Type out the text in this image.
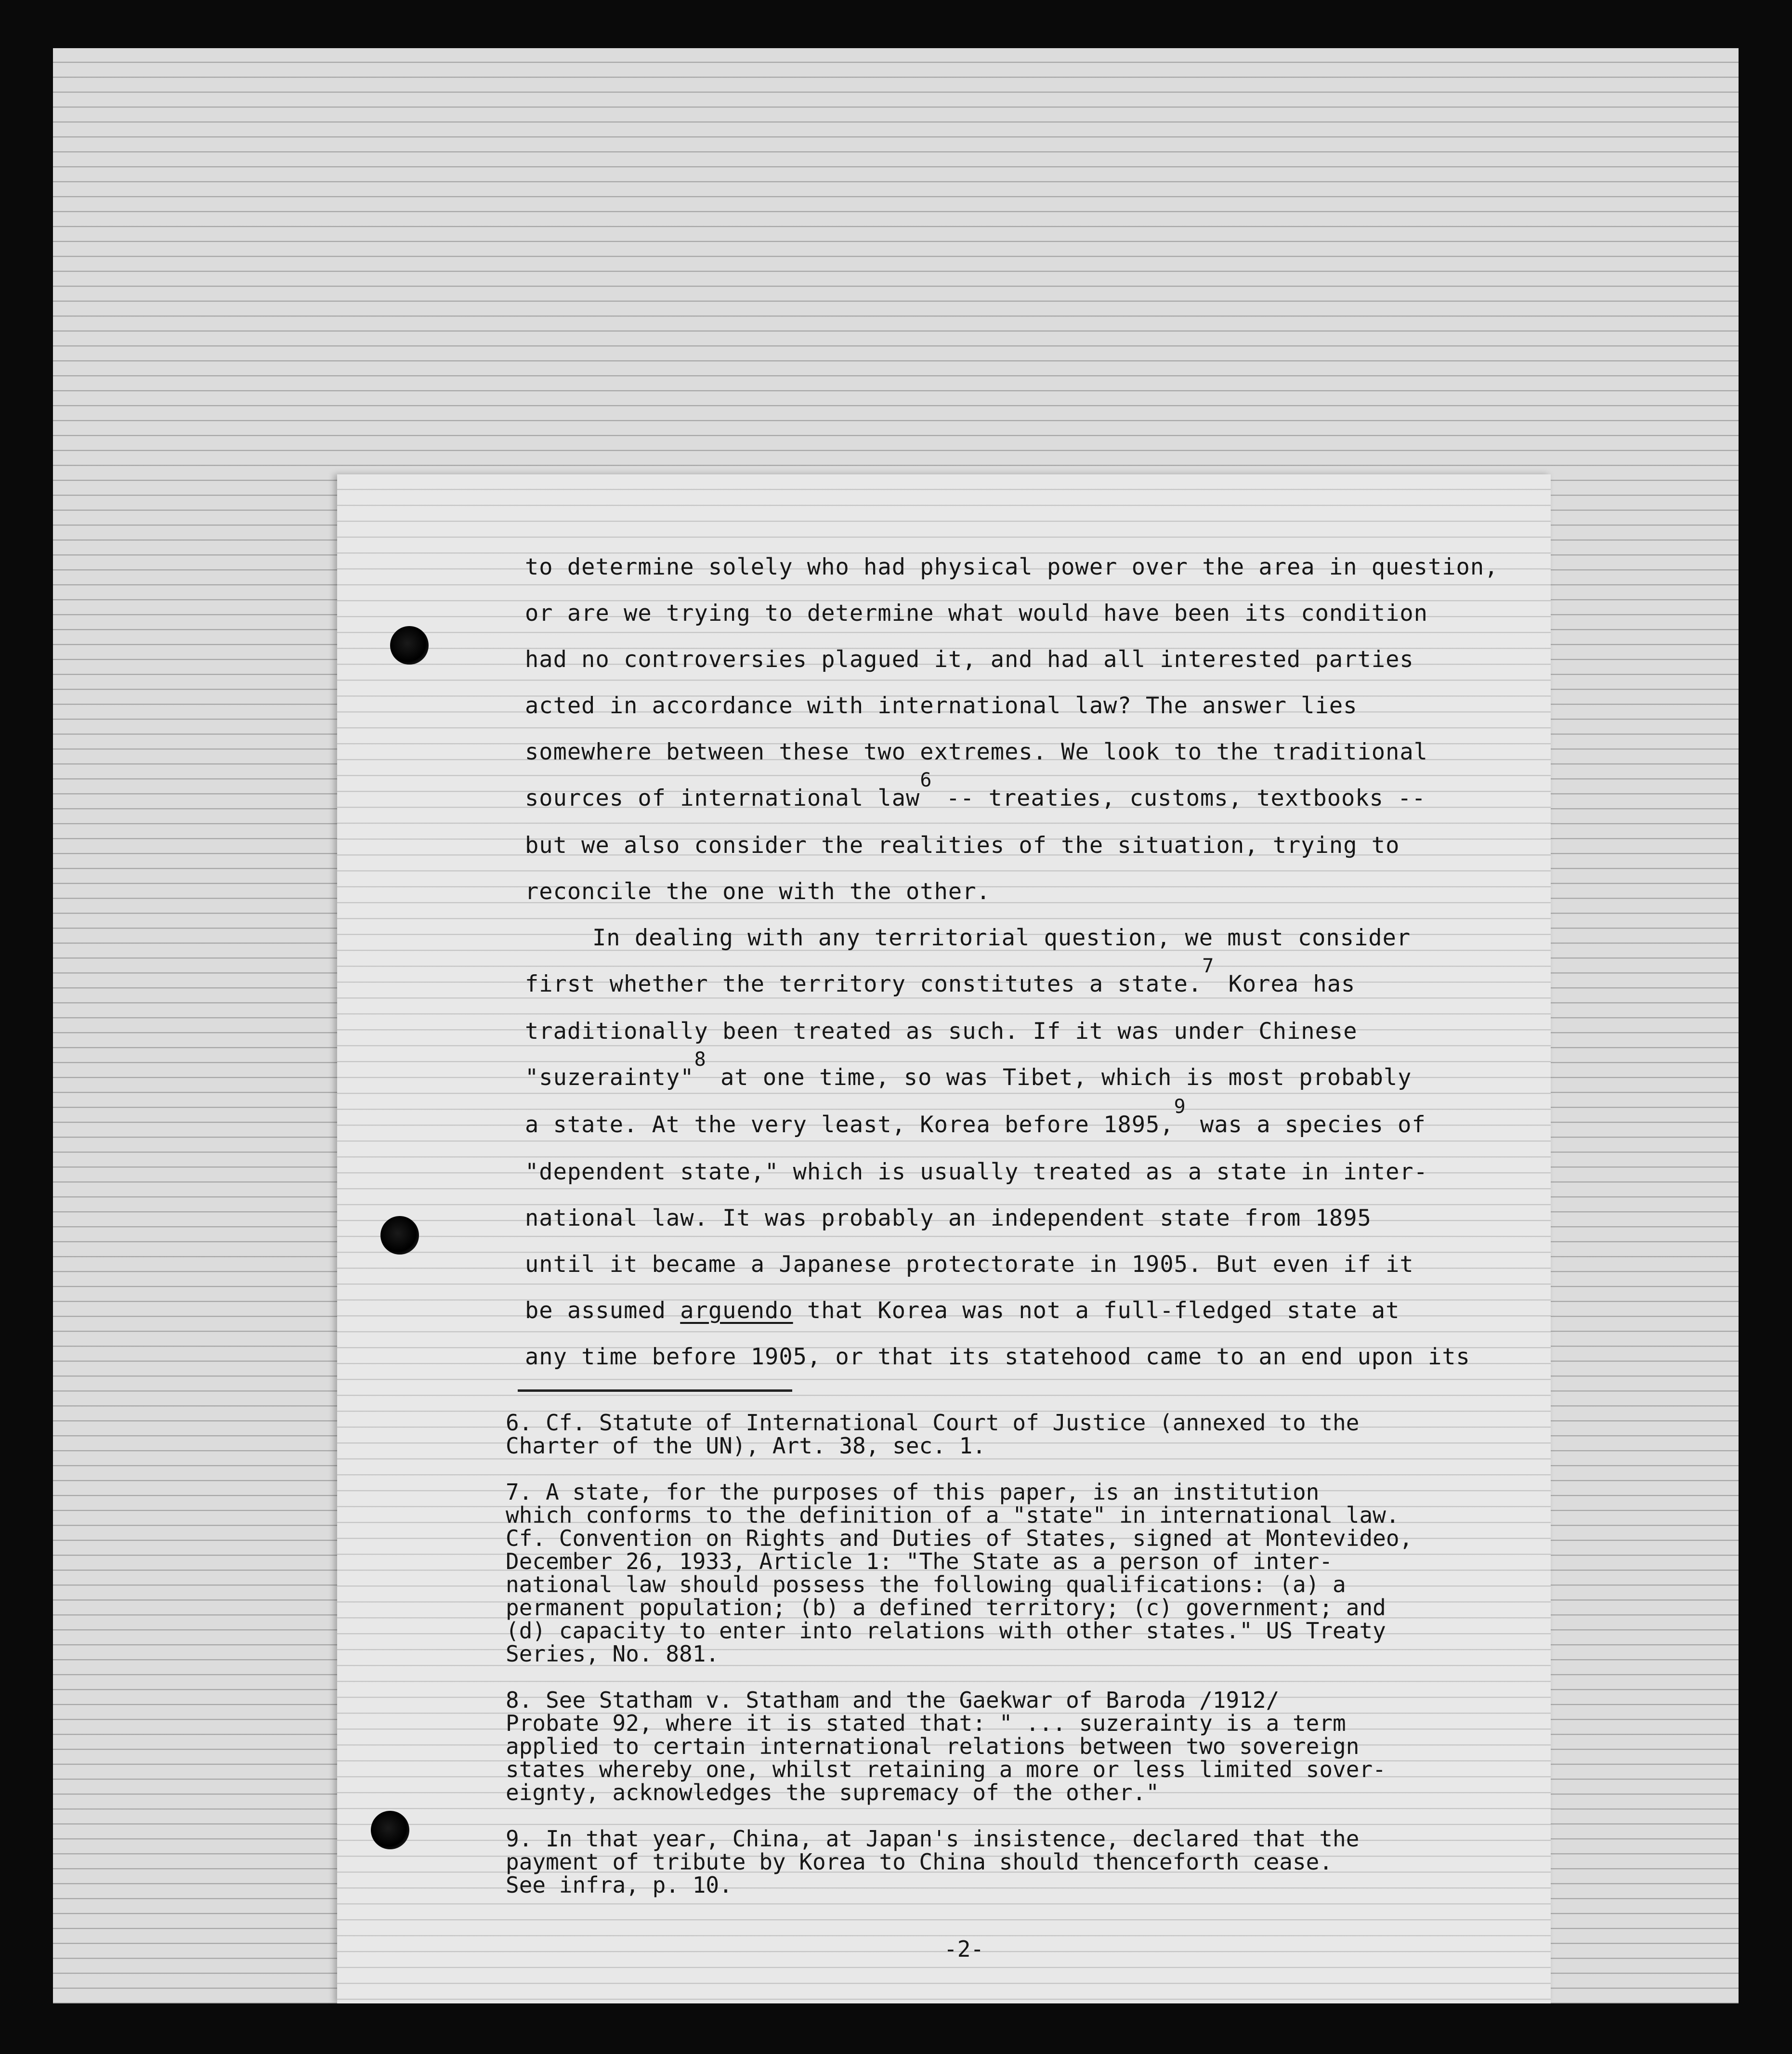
to determine solely who had physical power over the area in question,
or are we trying to determine what would have been its condition
had no controversies plagued it, and had all interested parties
acted in accordance with international law? The answer lies
somewhere between these two extremes. We look to the traditional
sources of international law$^6$ -- treaties, customs, textbooks --
but we also consider the realities of the situation, trying to
reconcile the one with the other.
In dealing with any territorial question, we must consider
first whether the territory constitutes a state.$^7$ Korea has
traditionally been treated as such. If it was under Chinese
"suzerainty"$^8$ at one time, so was Tibet, which is most probably
a state. At the very least, Korea before 1895,$^9$ was a species of
"dependent state," which is usually treated as a state in inter-
national law. It was probably an independent state from 1895
until it became a Japanese protectorate in 1905. But even if it
be assumed arguendo that Korea was not a full-fledged state at
any time before 1905, or that its statehood came to an end upon its

6. Cf. Statute of International Court of Justice (annexed to the

Charter of the UN), Art. 38, sec. 1.

7. A state, for the purposes of this paper, is an institution

which conforms to the definition of a "state" in international law.

Cf. Convention on Rights and Duties of States, signed at Montevideo,

December 26, 1933, Article 1: "The State as a person of inter-

national law should possess the following qualifications: (a) a

permanent population; (b) a defined territory; (c) government; and

(d) capacity to enter into relations with other states." US Treaty

Series, No. 881.

8. See Statham v. Statham and the Gaekwar of Baroda /1912/

Probate 92, where it is stated that: " ... suzerainty is a term

applied to certain international relations between two sovereign

states whereby one, whilst retaining a more or less limited sover-

eignty, acknowledges the supremacy of the other."

9. In that year, China, at Japan's insistence, declared that the

payment of tribute by Korea to China should thenceforth cease.

See infra, p. 10.

-2-
